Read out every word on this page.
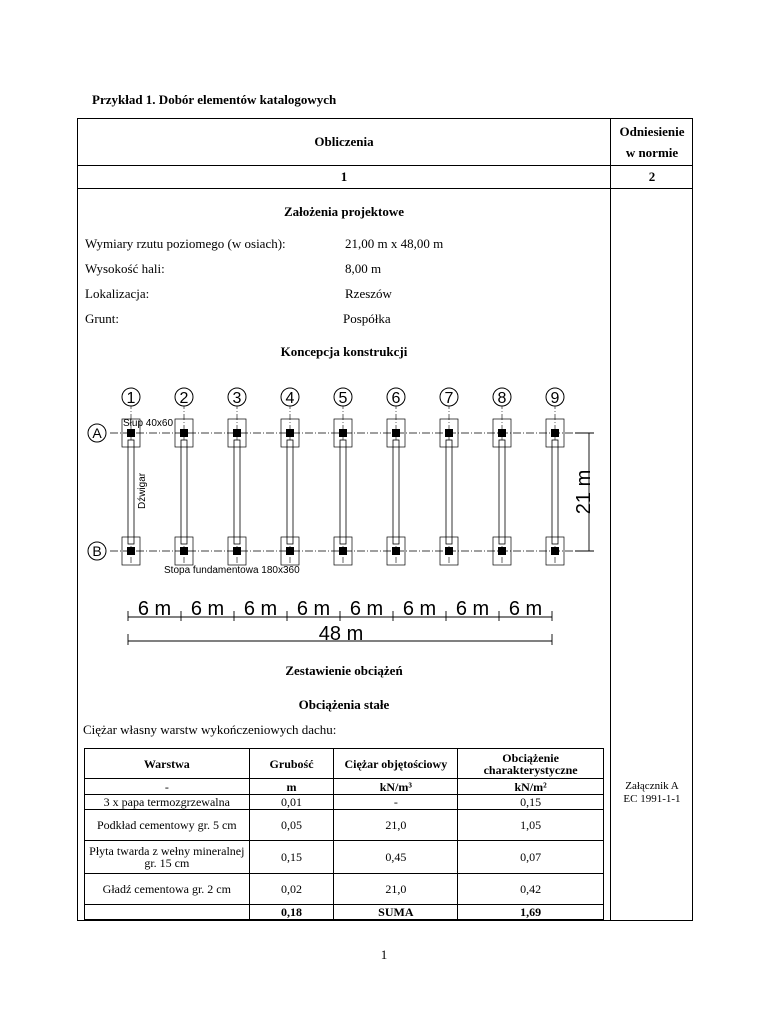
Przykład 1. Dobór elementów katalogowych
Obliczenia
Odniesienie
w normie
1	2
Założenia projektowe
Wymiary rzutu poziomego (w osiach):	21,00 m x 48,00 m
Wysokość hali:	8,00 m
Lokalizacja:	Rzeszów
Grunt:	Pospółka
Koncepcja konstrukcji
1	2	3	4	5	6	7	8	9
6 m 6 m 6 m 6 m 6 m 6 m 6 m 6 m
A
B
Słup 40x60
Dźwigar
Stopa fundamentowa 180x360
21 m
48 m
Zestawienie obciążeń
Obciążenia stałe
Ciężar własny warstw wykończeniowych dachu:
Warstwa	Grubość	Ciężar objętościowy	Obciążenie charakterystyczne
-	m	kN/m³	kN/m²
3 x papa termozgrzewalna	0,01	-	0,15
Podkład cementowy gr. 5 cm	0,05	21,0	1,05
Płyta twarda z wełny mineralnej gr. 15 cm	0,15	0,45	0,07
Gładź cementowa gr. 2 cm	0,02	21,0	0,42
	0,18	SUMA	1,69
Załącznik A
EC 1991-1-1
1
